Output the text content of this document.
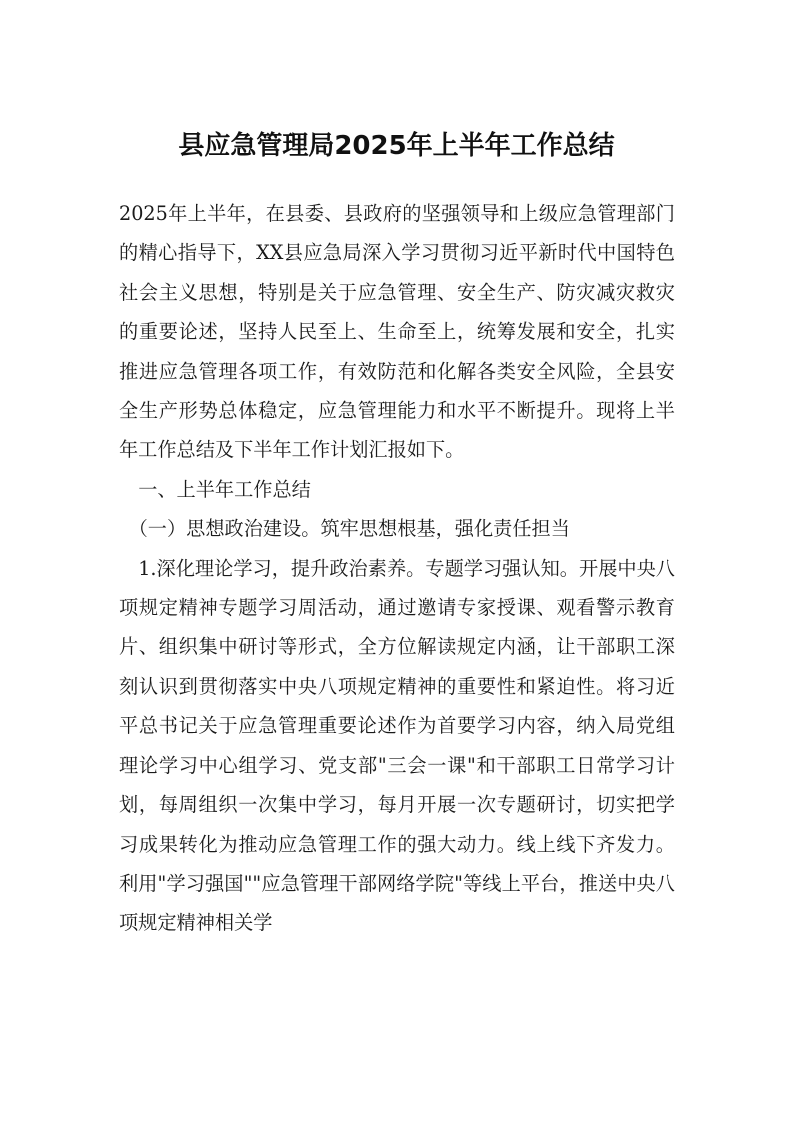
县应急管理局2025年上半年工作总结

2025年上半年，在县委、县政府的坚强领导和上级应急管理部门的精心指导下，XX县应急局深入学习贯彻习近平新时代中国特色社会主义思想，特别是关于应急管理、安全生产、防灾减灾救灾的重要论述，坚持人民至上、生命至上，统筹发展和安全，扎实推进应急管理各项工作，有效防范和化解各类安全风险，全县安全生产形势总体稳定，应急管理能力和水平不断提升。现将上半年工作总结及下半年工作计划汇报如下。

一、上半年工作总结

（一）思想政治建设。筑牢思想根基，强化责任担当

1.深化理论学习，提升政治素养。专题学习强认知。开展中央八项规定精神专题学习周活动，通过邀请专家授课、观看警示教育片、组织集中研讨等形式，全方位解读规定内涵，让干部职工深刻认识到贯彻落实中央八项规定精神的重要性和紧迫性。将习近平总书记关于应急管理重要论述作为首要学习内容，纳入局党组理论学习中心组学习、党支部"三会一课"和干部职工日常学习计划，每周组织一次集中学习，每月开展一次专题研讨，切实把学习成果转化为推动应急管理工作的强大动力。线上线下齐发力。利用"学习强国""应急管理干部网络学院"等线上平台，推送中央八项规定精神相关学
